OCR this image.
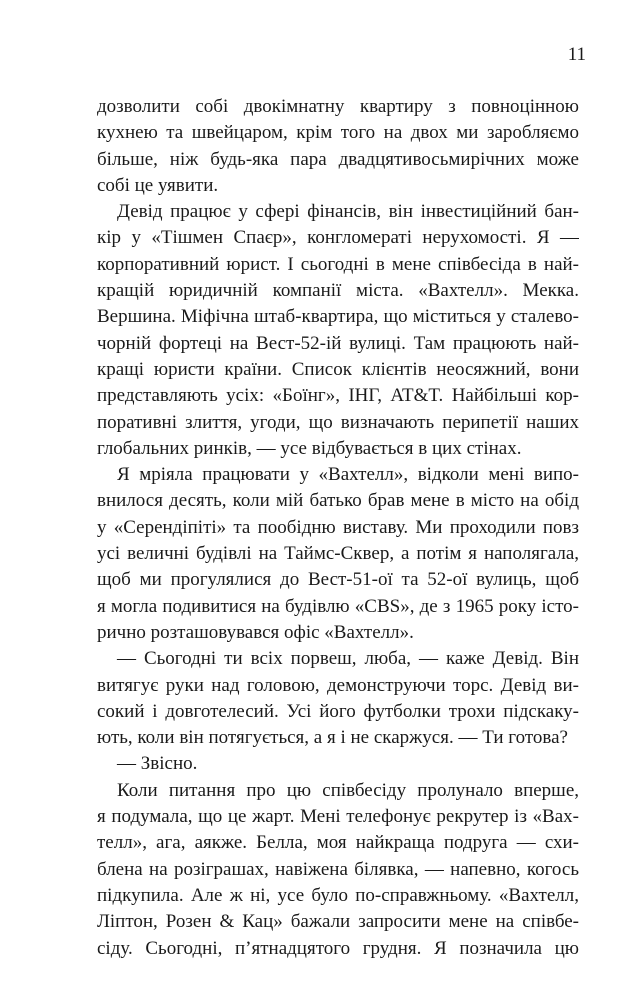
11
дозволити собі двокімнатну квартиру з повноцінною
кухнею та швейцаром, крім того на двох ми заробляємо
більше, ніж будь-яка пара двадцятивосьмирічних може
собі це уявити.
Девід працює у сфері фінансів, він інвестиційний бан-
кір у «Тішмен Спаєр», конгломераті нерухомості. Я —
корпоративний юрист. І сьогодні в мене співбесіда в най-
кращій юридичній компанії міста. «Вахтелл». Мекка.
Вершина. Міфічна штаб-квартира, що міститься у сталево-
чорній фортеці на Вест-52-ій вулиці. Там працюють най-
кращі юристи країни. Список клієнтів неосяжний, вони
представляють усіх: «Боїнг», ІНГ, AT&T. Найбільші кор-
поративні злиття, угоди, що визначають перипетії наших
глобальних ринків, — усе відбувається в цих стінах.
Я мріяла працювати у «Вахтелл», відколи мені випо-
внилося десять, коли мій батько брав мене в місто на обід
у «Серендіпіті» та пообідню виставу. Ми проходили повз
усі величні будівлі на Таймс-Сквер, а потім я наполягала,
щоб ми прогулялися до Вест-51-ої та 52-ої вулиць, щоб
я могла подивитися на будівлю «CBS», де з 1965 року істо-
рично розташовувався офіс «Вахтелл».
— Сьогодні ти всіх порвеш, люба, — каже Девід. Він
витягує руки над головою, демонструючи торс. Девід ви-
сокий і довготелесий. Усі його футболки трохи підскаку-
ють, коли він потягується, а я і не скаржуся. — Ти готова?
— Звісно.
Коли питання про цю співбесіду пролунало вперше,
я подумала, що це жарт. Мені телефонує рекрутер із «Вах-
телл», ага, аякже. Белла, моя найкраща подруга — схи-
блена на розіграшах, навіжена білявка, — напевно, когось
підкупила. Але ж ні, усе було по-справжньому. «Вахтелл,
Ліптон, Розен & Кац» бажали запросити мене на співбе-
сіду. Сьогодні, п’ятнадцятого грудня. Я позначила цю
